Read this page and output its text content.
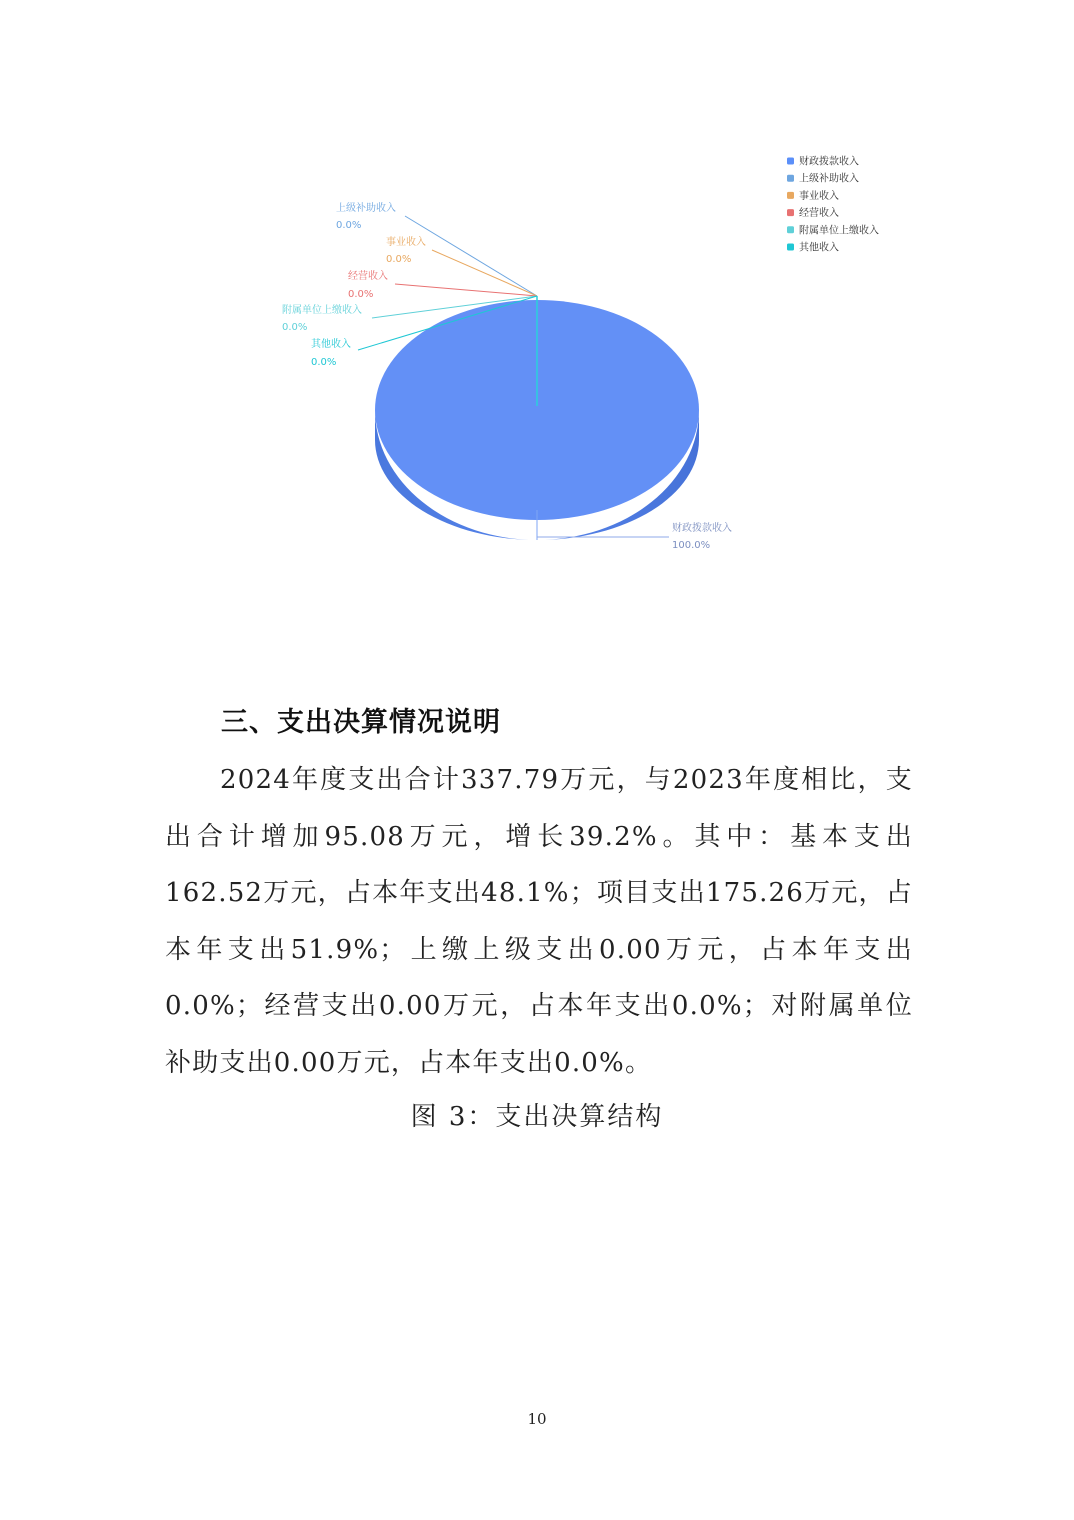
财政拨款收入
100.0%
上级补助收入
0.0%
事业收入
0.0%
经营收入
0.0%
附属单位上缴收入
0.0%
其他收入
0.0%
财政拨款收入
上级补助收入
事业收入
经营收入
附属单位上缴收入
其他收入
三、支出决算情况说明

2024年度支出合计337.79万元，与2023年度相比，支出合计增加95.08万元，增长39.2%。其中：基本支出162.52万元，占本年支出48.1%；项目支出175.26万元，占本年支出51.9%；上缴上级支出0.00万元，占本年支出0.0%；经营支出0.00万元，占本年支出0.0%；对附属单位补助支出0.00万元，占本年支出0.0%。

图 3：支出决算结构
10
